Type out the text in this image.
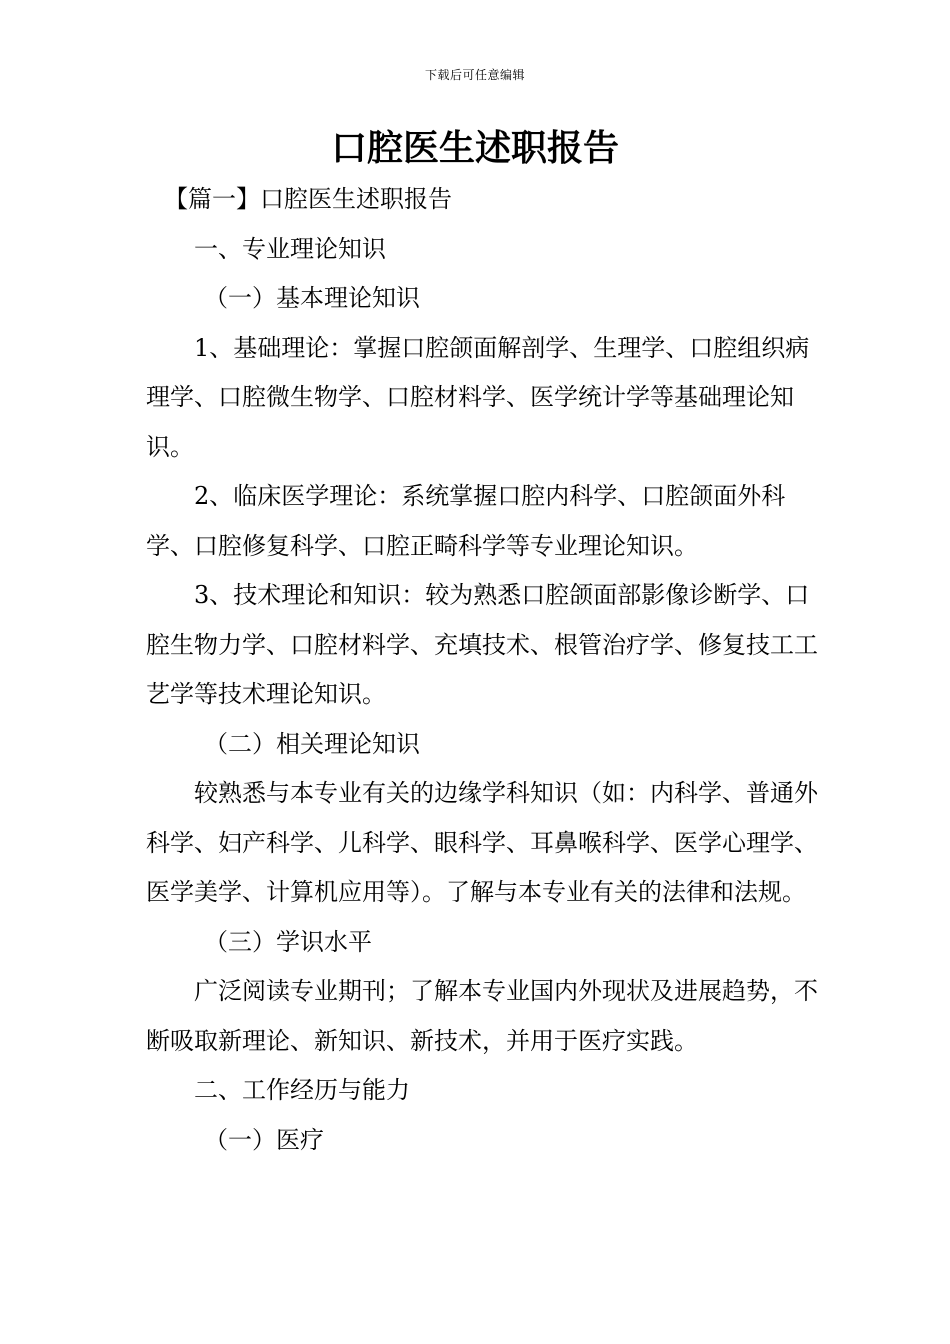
下载后可任意编辑
口腔医生述职报告

【篇一】口腔医生述职报告

一、专业理论知识

（一）基本理论知识

1、基础理论：掌握口腔颌面解剖学、生理学、口腔组织病理学、口腔微生物学、口腔材料学、医学统计学等基础理论知识。

2、临床医学理论：系统掌握口腔内科学、口腔颌面外科学、口腔修复科学、口腔正畸科学等专业理论知识。

3、技术理论和知识：较为熟悉口腔颌面部影像诊断学、口腔生物力学、口腔材料学、充填技术、根管治疗学、修复技工工艺学等技术理论知识。

（二）相关理论知识

较熟悉与本专业有关的边缘学科知识（如：内科学、普通外科学、妇产科学、儿科学、眼科学、耳鼻喉科学、医学心理学、医学美学、计算机应用等）。了解与本专业有关的法律和法规。

（三）学识水平

广泛阅读专业期刊；了解本专业国内外现状及进展趋势，不断吸取新理论、新知识、新技术，并用于医疗实践。

二、工作经历与能力

（一）医疗
